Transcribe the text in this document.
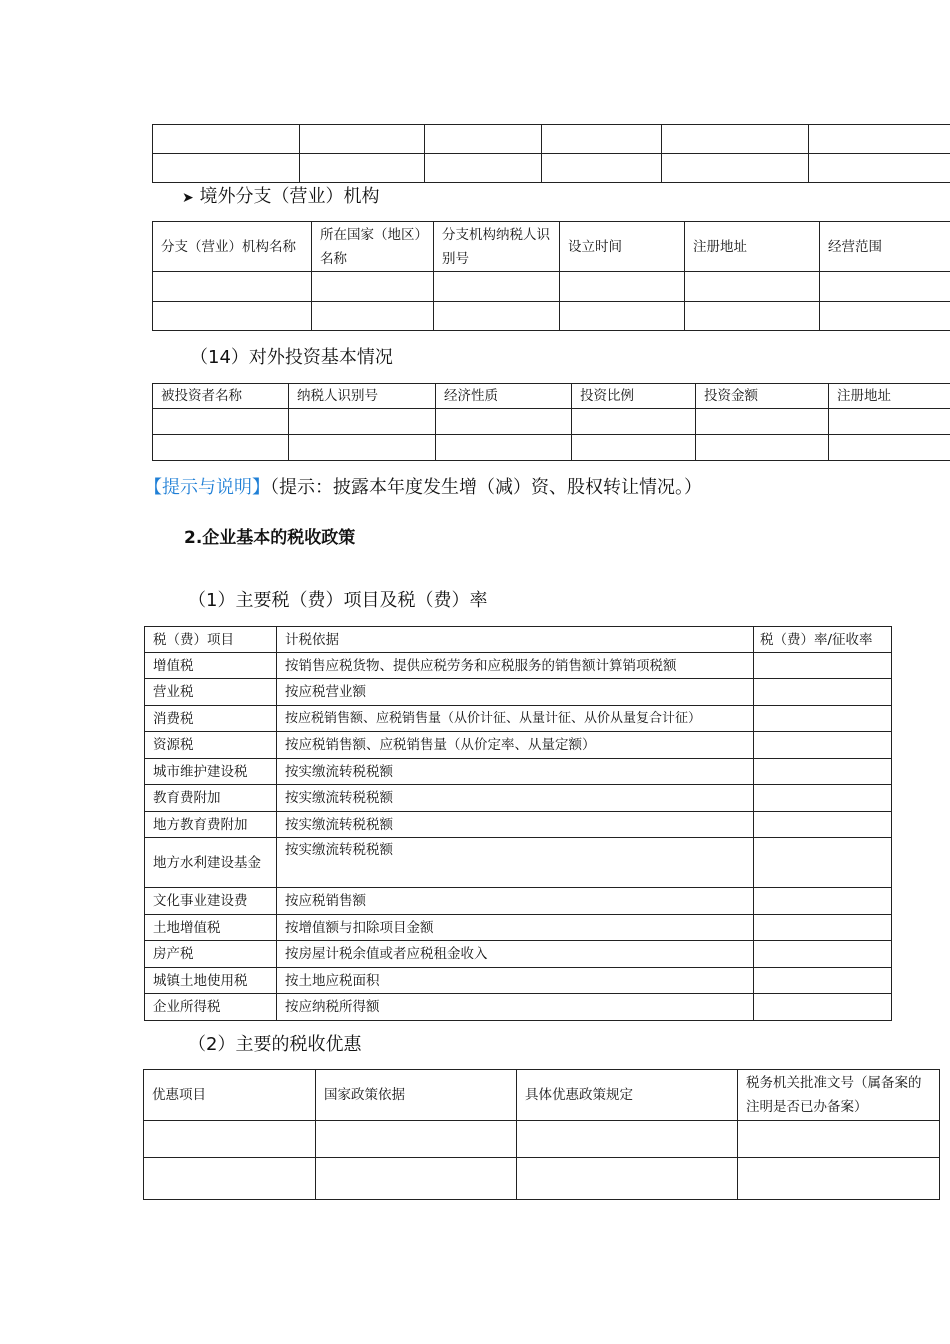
➤ 境外分支（营业）机构
分支（营业）机构名称	所在国家（地区）名称	分支机构纳税人识别号	设立时间	注册地址	经营范围

（14）对外投资基本情况
被投资者名称	纳税人识别号	经济性质	投资比例	投资金额	注册地址

【提示与说明】（提示：披露本年度发生增（减）资、股权转让情况。）
2.企业基本的税收政策
（1）主要税（费）项目及税（费）率
税（费）项目	计税依据	税（费）率/征收率
增值税	按销售应税货物、提供应税劳务和应税服务的销售额计算销项税额	
营业税	按应税营业额	
消费税	按应税销售额、应税销售量（从价计征、从量计征、从价从量复合计征）	
资源税	按应税销售额、应税销售量（从价定率、从量定额）	
城市维护建设税	按实缴流转税税额	
教育费附加	按实缴流转税税额	
地方教育费附加	按实缴流转税税额	
地方水利建设基金	按实缴流转税税额	
文化事业建设费	按应税销售额	
土地增值税	按增值额与扣除项目金额	
房产税	按房屋计税余值或者应税租金收入	
城镇土地使用税	按土地应税面积	
企业所得税	按应纳税所得额	
（2）主要的税收优惠
优惠项目	国家政策依据	具体优惠政策规定	税务机关批准文号（属备案的注明是否已办备案）
